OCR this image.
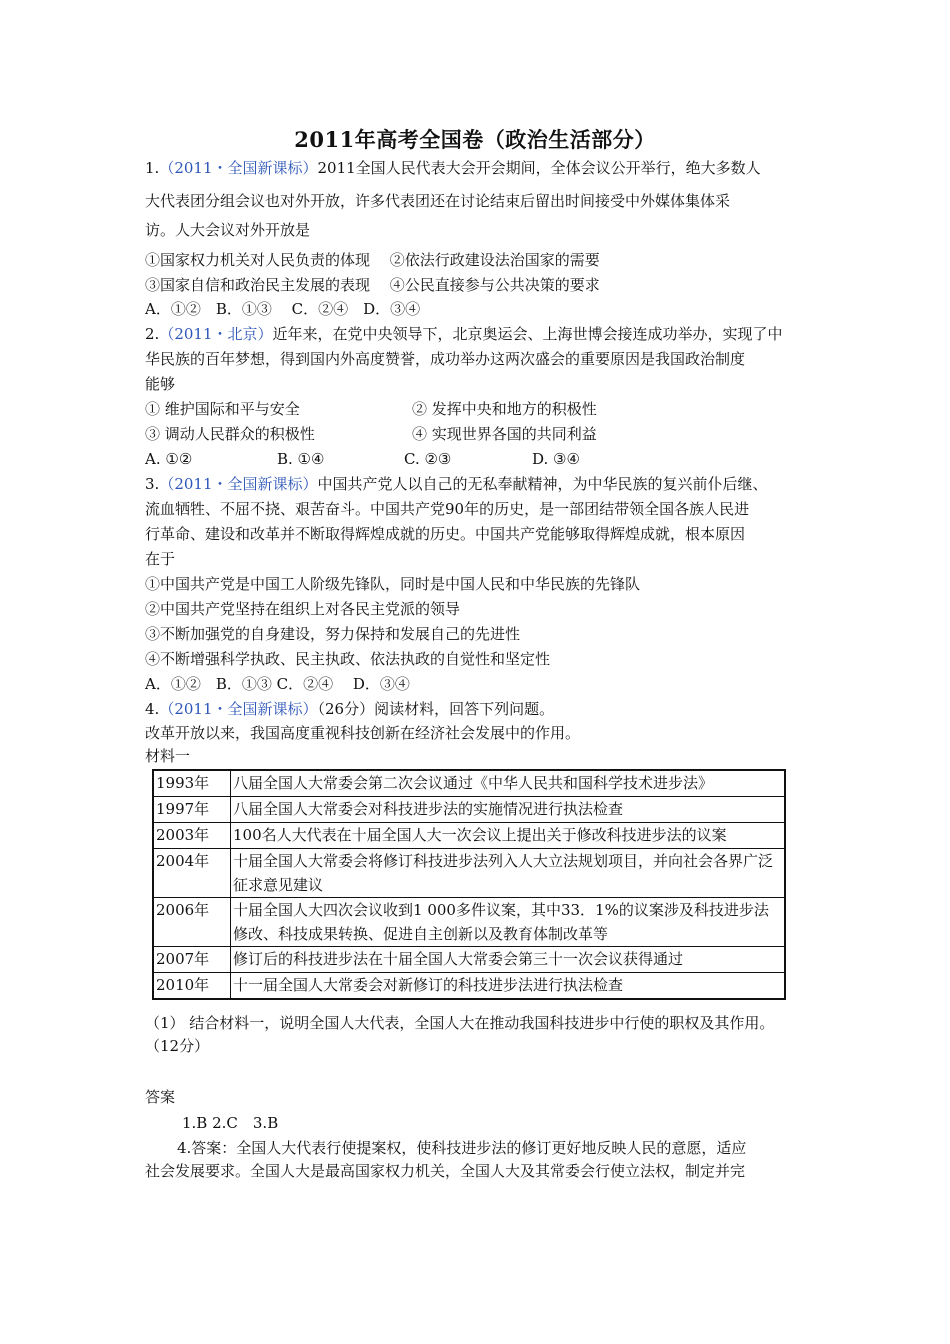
2011年高考全国卷（政治生活部分）
1.（2011・全国新课标）2011全国人民代表大会开会期间，全体会议公开举行，绝大多数人
大代表团分组会议也对外开放，许多代表团还在讨论结束后留出时间接受中外媒体集体采
访。人大会议对外开放是
①国家权力机关对人民负责的体现　 ②依法行政建设法治国家的需要
③国家自信和政治民主发展的表现　 ④公民直接参与公共决策的要求
A．①②　B．①③　 C．②④　D．③④
2.（2011・北京）近年来，在党中央领导下，北京奥运会、上海世博会接连成功举办，实现了中
华民族的百年梦想，得到国内外高度赞誉，成功举办这两次盛会的重要原因是我国政治制度
能够
① 维护国际和平与安全	② 发挥中央和地方的积极性
③ 调动人民群众的积极性	④ 实现世界各国的共同利益
A. ①②	B. ①④	C. ②③	D. ③④
3.（2011・全国新课标）中国共产党人以自己的无私奉献精神，为中华民族的复兴前仆后继、
流血牺牲、不屈不挠、艰苦奋斗。中国共产党90年的历史，是一部团结带领全国各族人民进
行革命、建设和改革并不断取得辉煌成就的历史。中国共产党能够取得辉煌成就，根本原因
在于
①中国共产党是中国工人阶级先锋队，同时是中国人民和中华民族的先锋队
②中国共产党坚持在组织上对各民主党派的领导
③不断加强党的自身建设，努力保持和发展自己的先进性
④不断增强科学执政、民主执政、依法执政的自觉性和坚定性
A．①②　B．①③ C．②④　 D．③④
4.（2011・全国新课标）（26分）阅读材料，回答下列问题。
改革开放以来，我国高度重视科技创新在经济社会发展中的作用。
材料一
1993年	八届全国人大常委会第二次会议通过《中华人民共和国科学技术进步法》
1997年	八届全国人大常委会对科技进步法的实施情况进行执法检查
2003年	100名人大代表在十届全国人大一次会议上提出关于修改科技进步法的议案
2004年	十届全国人大常委会将修订科技进步法列入人大立法规划项目，并向社会各界广泛征求意见建议
2006年	十届全国人大四次会议收到1 000多件议案，其中33．1%的议案涉及科技进步法修改、科技成果转换、促进自主创新以及教育体制改革等
2007年	修订后的科技进步法在十届全国人大常委会第三十一次会议获得通过
2010年	十一届全国人大常委会对新修订的科技进步法进行执法检查
（1） 结合材料一，说明全国人大代表，全国人大在推动我国科技进步中行使的职权及其作用。
（12分）
答案
1.B 2.C　3.B
4.答案：全国人大代表行使提案权，使科技进步法的修订更好地反映人民的意愿，适应
社会发展要求。全国人大是最高国家权力机关，全国人大及其常委会行使立法权，制定并完
